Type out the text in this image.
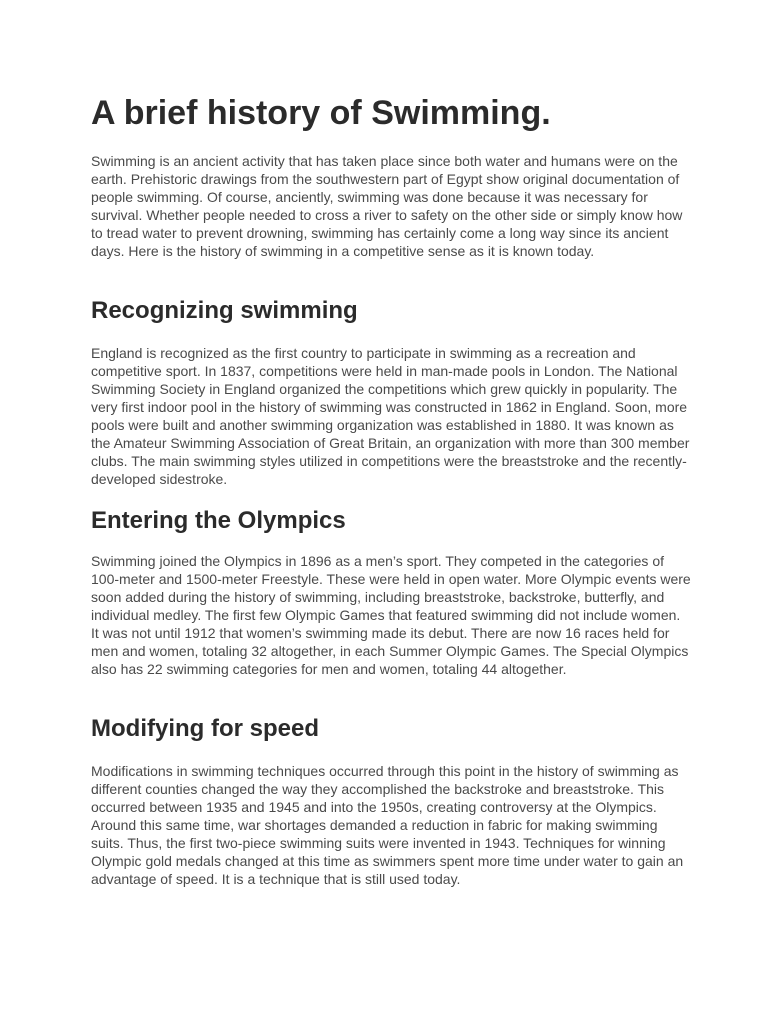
A brief history of Swimming.

Swimming is an ancient activity that has taken place since both water and humans were on the earth. Prehistoric drawings from the southwestern part of Egypt show original documentation of people swimming. Of course, anciently, swimming was done because it was necessary for survival. Whether people needed to cross a river to safety on the other side or simply know how to tread water to prevent drowning, swimming has certainly come a long way since its ancient days. Here is the history of swimming in a competitive sense as it is known today.

Recognizing swimming

England is recognized as the first country to participate in swimming as a recreation and competitive sport. In 1837, competitions were held in man-made pools in London. The National Swimming Society in England organized the competitions which grew quickly in popularity. The very first indoor pool in the history of swimming was constructed in 1862 in England. Soon, more pools were built and another swimming organization was established in 1880. It was known as the Amateur Swimming Association of Great Britain, an organization with more than 300 member clubs. The main swimming styles utilized in competitions were the breaststroke and the recently-developed sidestroke.

Entering the Olympics

Swimming joined the Olympics in 1896 as a men’s sport. They competed in the categories of 100-meter and 1500-meter Freestyle. These were held in open water. More Olympic events were soon added during the history of swimming, including breaststroke, backstroke, butterfly, and individual medley. The first few Olympic Games that featured swimming did not include women. It was not until 1912 that women’s swimming made its debut. There are now 16 races held for men and women, totaling 32 altogether, in each Summer Olympic Games. The Special Olympics also has 22 swimming categories for men and women, totaling 44 altogether.

Modifying for speed

Modifications in swimming techniques occurred through this point in the history of swimming as different counties changed the way they accomplished the backstroke and breaststroke. This occurred between 1935 and 1945 and into the 1950s, creating controversy at the Olympics. Around this same time, war shortages demanded a reduction in fabric for making swimming suits. Thus, the first two-piece swimming suits were invented in 1943. Techniques for winning Olympic gold medals changed at this time as swimmers spent more time under water to gain an advantage of speed. It is a technique that is still used today.
